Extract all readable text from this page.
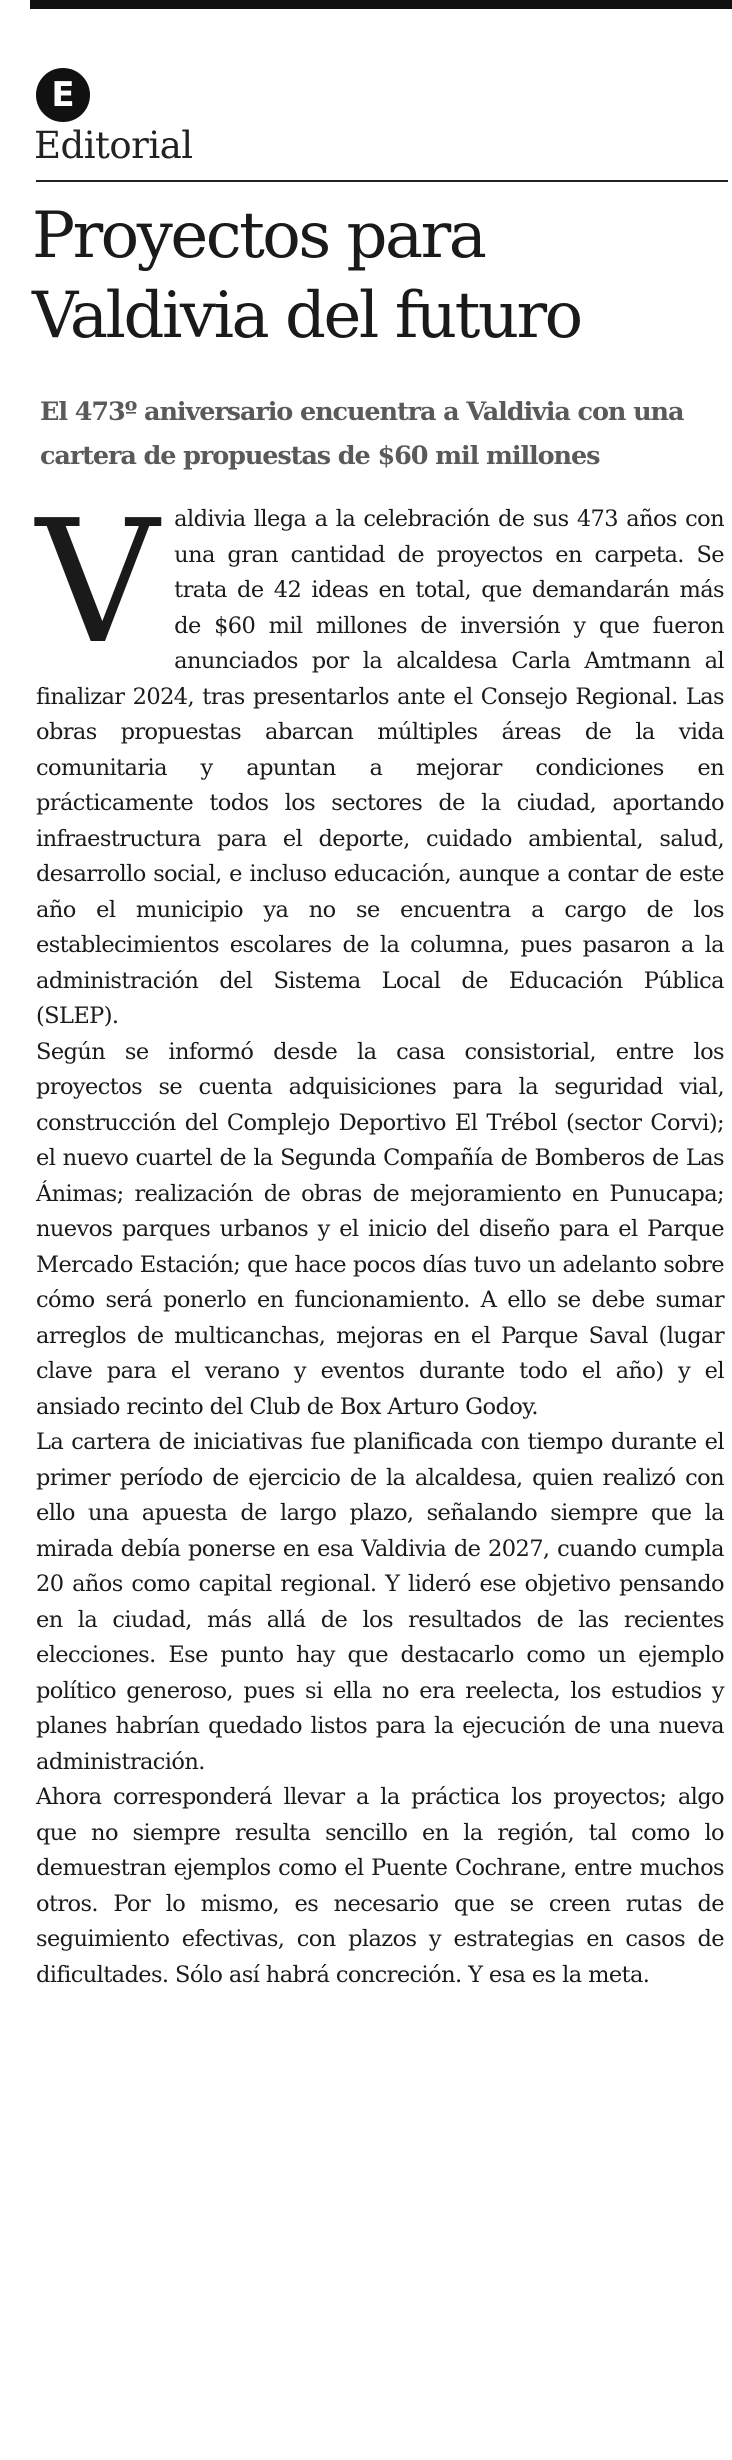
E
Editorial
Proyectos para Valdivia del futuro
El 473º aniversario encuentra a Valdivia con una cartera de propuestas de $60 mil millones

Valdivia llega a la celebración de sus 473 años con una gran cantidad de proyectos en carpeta. Se trata de 42 ideas en total, que demandarán más de $60 mil millones de inversión y que fueron anunciados por la alcaldesa Carla Amtmann al finalizar 2024, tras presentarlos ante el Consejo Regional. Las obras propuestas abarcan múltiples áreas de la vida comunitaria y apuntan a mejorar condiciones en prácticamente todos los sectores de la ciudad, aportando infraestructura para el deporte, cuidado ambiental, salud, desarrollo social, e incluso educación, aunque a contar de este año el municipio ya no se encuentra a cargo de los establecimientos escolares de la columna, pues pasaron a la administración del Sistema Local de Educación Pública (SLEP).

Según se informó desde la casa consistorial, entre los proyectos se cuenta adquisiciones para la seguridad vial, construcción del Complejo Deportivo El Trébol (sector Corvi); el nuevo cuartel de la Segunda Compañía de Bomberos de Las Ánimas; realización de obras de mejoramiento en Punucapa; nuevos parques urbanos y el inicio del diseño para el Parque Mercado Estación; que hace pocos días tuvo un adelanto sobre cómo será ponerlo en funcionamiento. A ello se debe sumar arreglos de multicanchas, mejoras en el Parque Saval (lugar clave para el verano y eventos durante todo el año) y el ansiado recinto del Club de Box Arturo Godoy.

La cartera de iniciativas fue planificada con tiempo durante el primer período de ejercicio de la alcaldesa, quien realizó con ello una apuesta de largo plazo, señalando siempre que la mirada debía ponerse en esa Valdivia de 2027, cuando cumpla 20 años como capital regional. Y lideró ese objetivo pensando en la ciudad, más allá de los resultados de las recientes elecciones. Ese punto hay que destacarlo como un ejemplo político generoso, pues si ella no era reelecta, los estudios y planes habrían quedado listos para la ejecución de una nueva administración.

Ahora corresponderá llevar a la práctica los proyectos; algo que no siempre resulta sencillo en la región, tal como lo demuestran ejemplos como el Puente Cochrane, entre muchos otros. Por lo mismo, es necesario que se creen rutas de seguimiento efectivas, con plazos y estrategias en casos de dificultades. Sólo así habrá concreción. Y esa es la meta.
